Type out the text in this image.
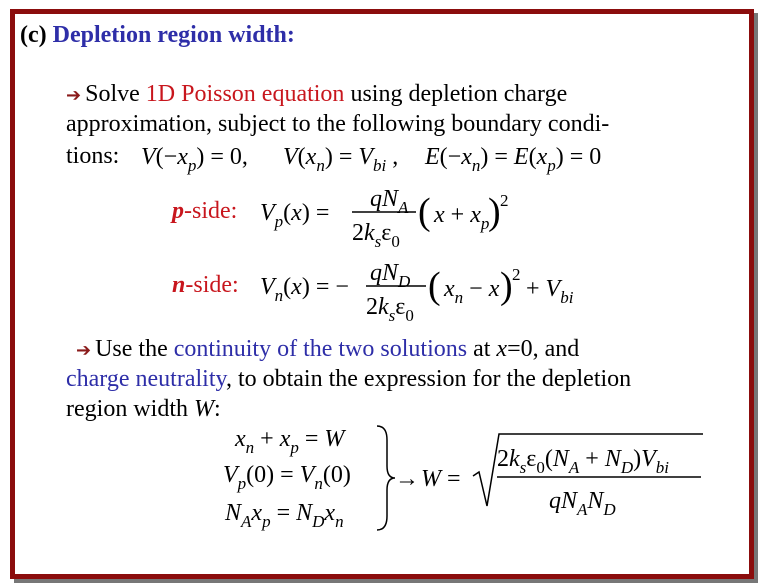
(c) Depletion region width:
➔ Solve 1D Poisson equation using depletion charge
approximation, subject to the following boundary condi-
tions: $V(-x_p) = 0$, $V(x_n) = V_{bi}$ , $E(-x_n) = E(x_p) = 0$
p-side: $V_p(x)$ =
$qN_A$
$2k_s\varepsilon_0$
( $x + x_p$
) 2
n-side: $V_n(x)$ = −
$qN_D$
$2k_s\varepsilon_0$
( $x_n - x$ ) 2
+ $V_{bi}$
➔ Use the continuity of the two solutions at x=0, and
charge neutrality, to obtain the expression for the depletion
region width W:
$x_n + x_p = W$
$V_p(0) = V_n(0)$
$N_Ax_p = N_Dx_n$
→ W =
$2k_s\varepsilon_0(N_A + N_D)V_{bi}$
$qN_AN_D$
